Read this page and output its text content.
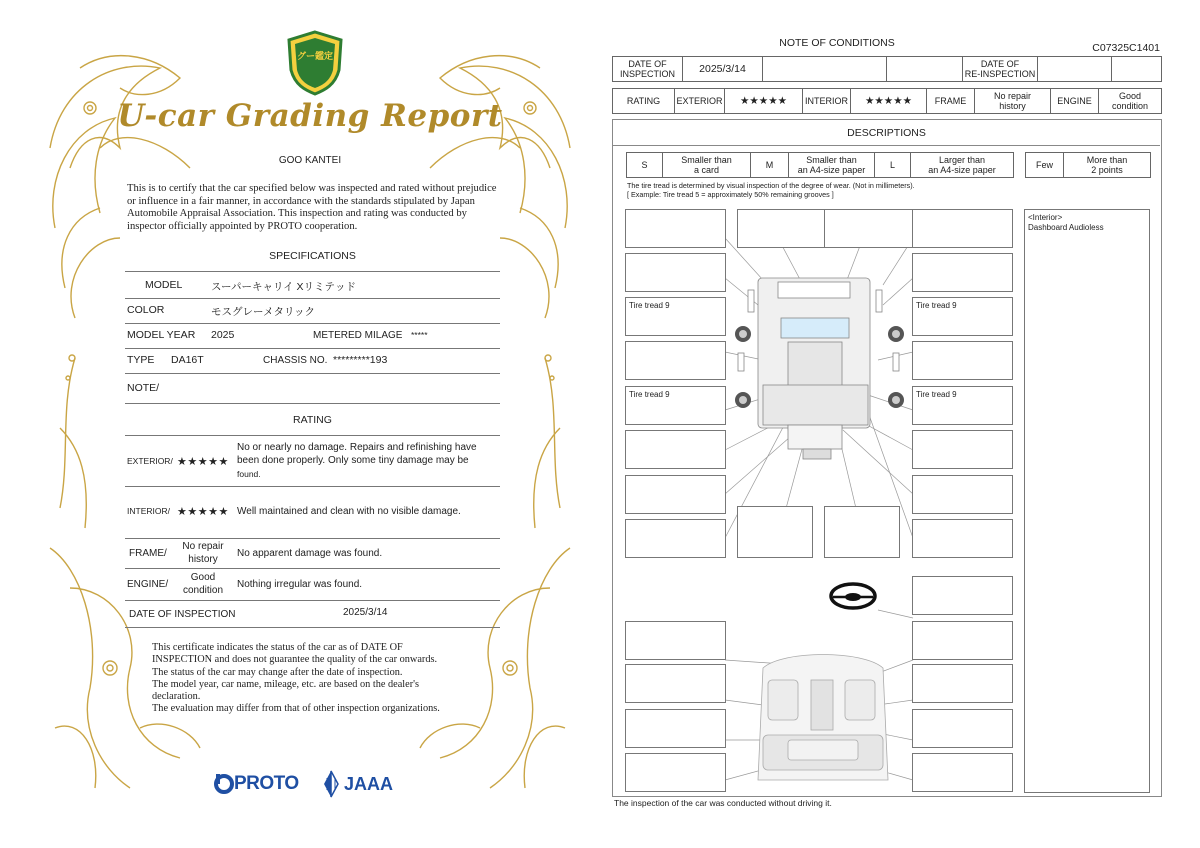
グー鑑定
U-car Grading Report
GOO KANTEI
This is to certify that the car specified below was inspected and rated without prejudice or influence in a fair manner, in accordance with the standards stipulated by Japan Automobile Appraisal Association. This inspection and rating was conducted by inspector officially appointed by PROTO cooperation.
SPECIFICATIONS
MODEL	スーパーキャリイ Xリミテッド
COLOR	モスグレーメタリック
MODEL YEAR 2025	METERED MILAGE *****
TYPE DA16T	CHASSIS NO. *********193
NOTE/
RATING
EXTERIOR/ ★★★★★
No or nearly no damage. Repairs and refinishing have been done properly. Only some tiny damage may be
found.
INTERIOR/ ★★★★★ Well maintained and clean with no visible damage.
FRAME/
No repair
history	No apparent damage was found.
ENGINE/
Good
condition	Nothing irregular was found.
DATE OF INSPECTION	2025/3/14
This certificate indicates the status of the car as of DATE OF
INSPECTION and does not guarantee the quality of the car onwards.
The status of the car may change after the date of inspection.
The model year, car name, mileage, etc. are based on the dealer's
declaration.
The evaluation may differ from that of other inspection organizations.
PROTO	JAAA
NOTE OF CONDITIONS	C07325C1401
DATE OF
INSPECTION	2025/3/14	DATE OF
RE-INSPECTION
RATING	EXTERIOR	★★★★★	INTERIOR	★★★★★	FRAME	No repair
history	ENGINE	Good
condition
DESCRIPTIONS
S	Smaller than
a card	M	Smaller than
an A4-size paper	L	Larger than
an A4-size paper	Few	More than
2 points
The tire tread is determined by visual inspection of the degree of wear. (Not in millimeters).
[ Example: Tire tread 5 = approximately 50% remaining grooves ]
Tire tread 9	Tire tread 9
Tire tread 9	Tire tread 9
<Interior>
Dashboard Audioless
The inspection of the car was conducted without driving it.
